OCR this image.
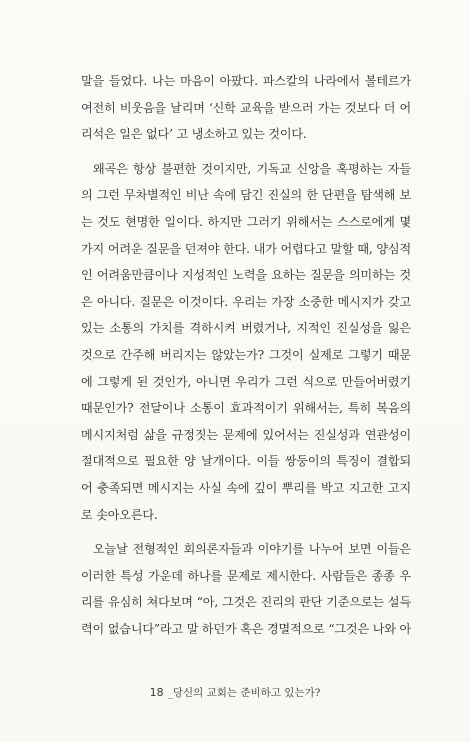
말을 들었다. 나는 마음이 아팠다. 파스칼의 나라에서 볼테르가
여전히 비웃음을 날리며 ‘신학 교육을 받으러 가는 것보다 더 어
리석은 일은 없다’ 고 냉소하고 있는 것이다.
왜곡은 항상 불편한 것이지만, 기독교 신앙을 혹평하는 자들
의 그런 무차별적인 비난 속에 담긴 진실의 한 단편을 탐색해 보
는 것도 현명한 일이다. 하지만 그러기 위해서는 스스로에게 몇
가지 어려운 질문을 던져야 한다. 내가 어렵다고 말할 때, 양심적
인 어려움만큼이나 지성적인 노력을 요하는 질문을 의미하는 것
은 아니다. 질문은 이것이다. 우리는 가장 소중한 메시지가 갖고
있는 소통의 가치를 격하시켜 버렸거나, 지적인 진실성을 잃은
것으로 간주해 버리지는 않았는가? 그것이 실제로 그렇기 때문
에 그렇게 된 것인가, 아니면 우리가 그런 식으로 만들어버렸기
때문인가? 전달이나 소통이 효과적이기 위해서는, 특히 복음의
메시지처럼 삶을 규정짓는 문제에 있어서는 진실성과 연관성이
절대적으로 필요한 양 날개이다. 이들 쌍둥이의 특징이 결합되
어 충족되면 메시지는 사실 속에 깊이 뿌리를 박고 지고한 고지
로 솟아오른다.
오늘날 전형적인 회의론자들과 이야기를 나누어 보면 이들은
이러한 특성 가운데 하나를 문제로 제시한다. 사람들은 종종 우
리를 유심히 쳐다보며 “아, 그것은 진리의 판단 기준으로는 설득
력이 없습니다”라고 말 하던가 혹은 경멸적으로 “그것은 나와 아
18 _당신의 교회는 준비하고 있는가?
